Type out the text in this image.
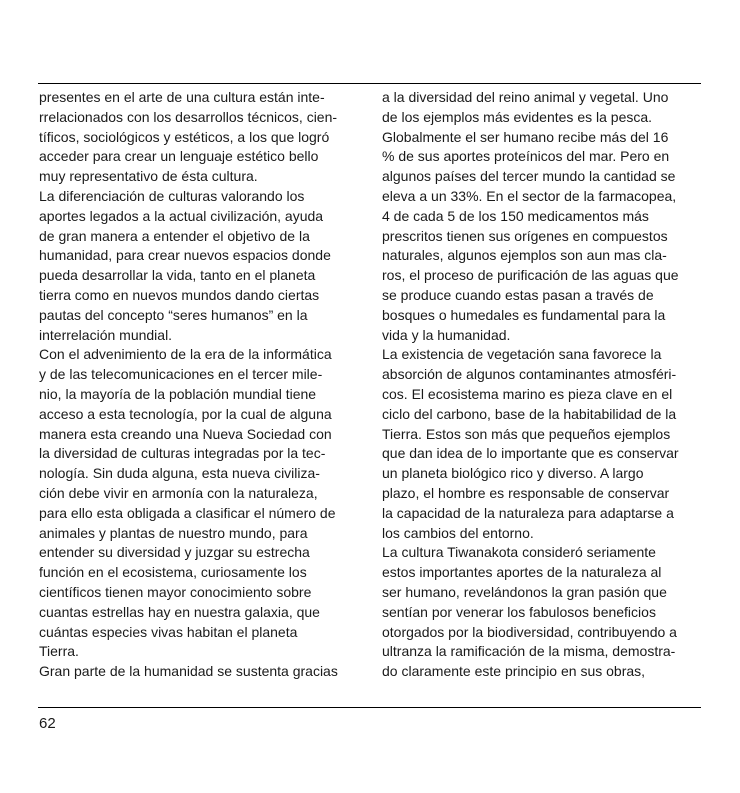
presentes en el arte de una cultura están inte-
rrelacionados con los desarrollos técnicos, cien-
tíficos, sociológicos y estéticos, a los que logró
acceder para crear un lenguaje estético bello
muy representativo de ésta cultura.
La diferenciación de culturas valorando los
aportes legados a la actual civilización, ayuda
de gran manera a entender el objetivo de la
humanidad, para crear nuevos espacios donde
pueda desarrollar la vida, tanto en el planeta
tierra como en nuevos mundos dando ciertas
pautas del concepto “seres humanos” en la
interrelación mundial.
Con el advenimiento de la era de la informática
y de las telecomunicaciones en el tercer mile-
nio, la mayoría de la población mundial tiene
acceso a esta tecnología, por la cual de alguna
manera esta creando una Nueva Sociedad con
la diversidad de culturas integradas por la tec-
nología. Sin duda alguna, esta nueva civiliza-
ción debe vivir en armonía con la naturaleza,
para ello esta obligada a clasificar el número de
animales y plantas de nuestro mundo, para
entender su diversidad y juzgar su estrecha
función en el ecosistema, curiosamente los
científicos tienen mayor conocimiento sobre
cuantas estrellas hay en nuestra galaxia, que
cuántas especies vivas habitan el planeta
Tierra.
Gran parte de la humanidad se sustenta gracias
a la diversidad del reino animal y vegetal. Uno
de los ejemplos más evidentes es la pesca.
Globalmente el ser humano recibe más del 16
% de sus aportes proteínicos del mar. Pero en
algunos países del tercer mundo la cantidad se
eleva a un 33%. En el sector de la farmacopea,
4 de cada 5 de los 150 medicamentos más
prescritos tienen sus orígenes en compuestos
naturales, algunos ejemplos son aun mas cla-
ros, el proceso de purificación de las aguas que
se produce cuando estas pasan a través de
bosques o humedales es fundamental para la
vida y la humanidad.
La existencia de vegetación sana favorece la
absorción de algunos contaminantes atmosféri-
cos. El ecosistema marino es pieza clave en el
ciclo del carbono, base de la habitabilidad de la
Tierra. Estos son más que pequeños ejemplos
que dan idea de lo importante que es conservar
un planeta biológico rico y diverso. A largo
plazo, el hombre es responsable de conservar
la capacidad de la naturaleza para adaptarse a
los cambios del entorno.
La cultura Tiwanakota consideró seriamente
estos importantes aportes de la naturaleza al
ser humano, revelándonos la gran pasión que
sentían por venerar los fabulosos beneficios
otorgados por la biodiversidad, contribuyendo a
ultranza la ramificación de la misma, demostra-
do claramente este principio en sus obras,
62
